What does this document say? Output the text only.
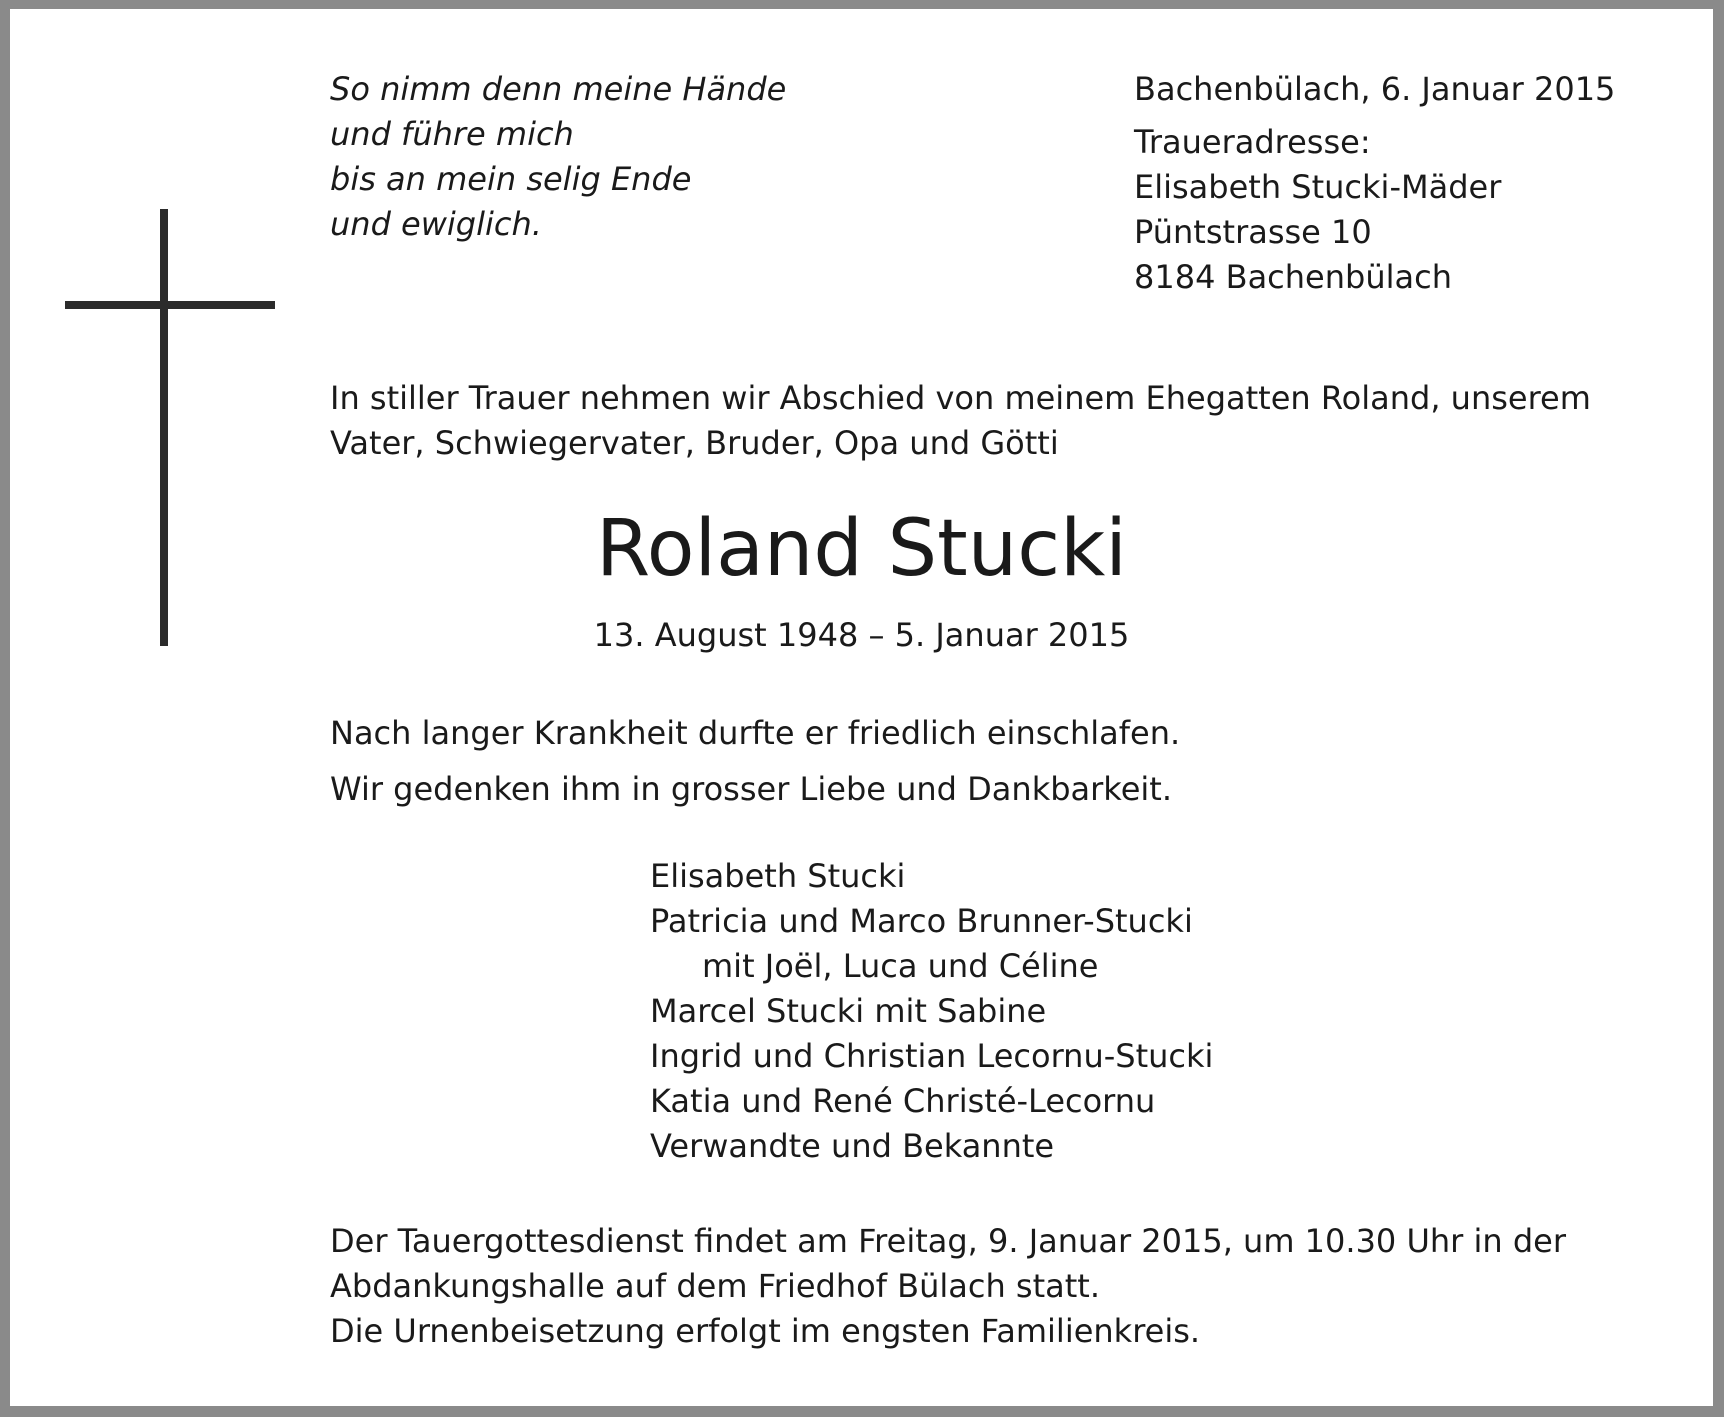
So nimm denn meine Hände
und führe mich
bis an mein selig Ende
und ewiglich.
Bachenbülach, 6. Januar 2015
Traueradresse:
Elisabeth Stucki-Mäder
Püntstrasse 10
8184 Bachenbülach
In stiller Trauer nehmen wir Abschied von meinem Ehegatten Roland, unserem Vater, Schwiegervater, Bruder, Opa und Götti
Roland Stucki
13. August 1948 – 5. Januar 2015
Nach langer Krankheit durfte er friedlich einschlafen.
Wir gedenken ihm in grosser Liebe und Dankbarkeit.
Elisabeth Stucki
Patricia und Marco Brunner-Stucki
mit Joël, Luca und Céline
Marcel Stucki mit Sabine
Ingrid und Christian Lecornu-Stucki
Katia und René Christé-Lecornu
Verwandte und Bekannte
Der Tauergottesdienst findet am Freitag, 9. Januar 2015, um 10.30 Uhr in der
Abdankungshalle auf dem Friedhof Bülach statt.
Die Urnenbeisetzung erfolgt im engsten Familienkreis.
